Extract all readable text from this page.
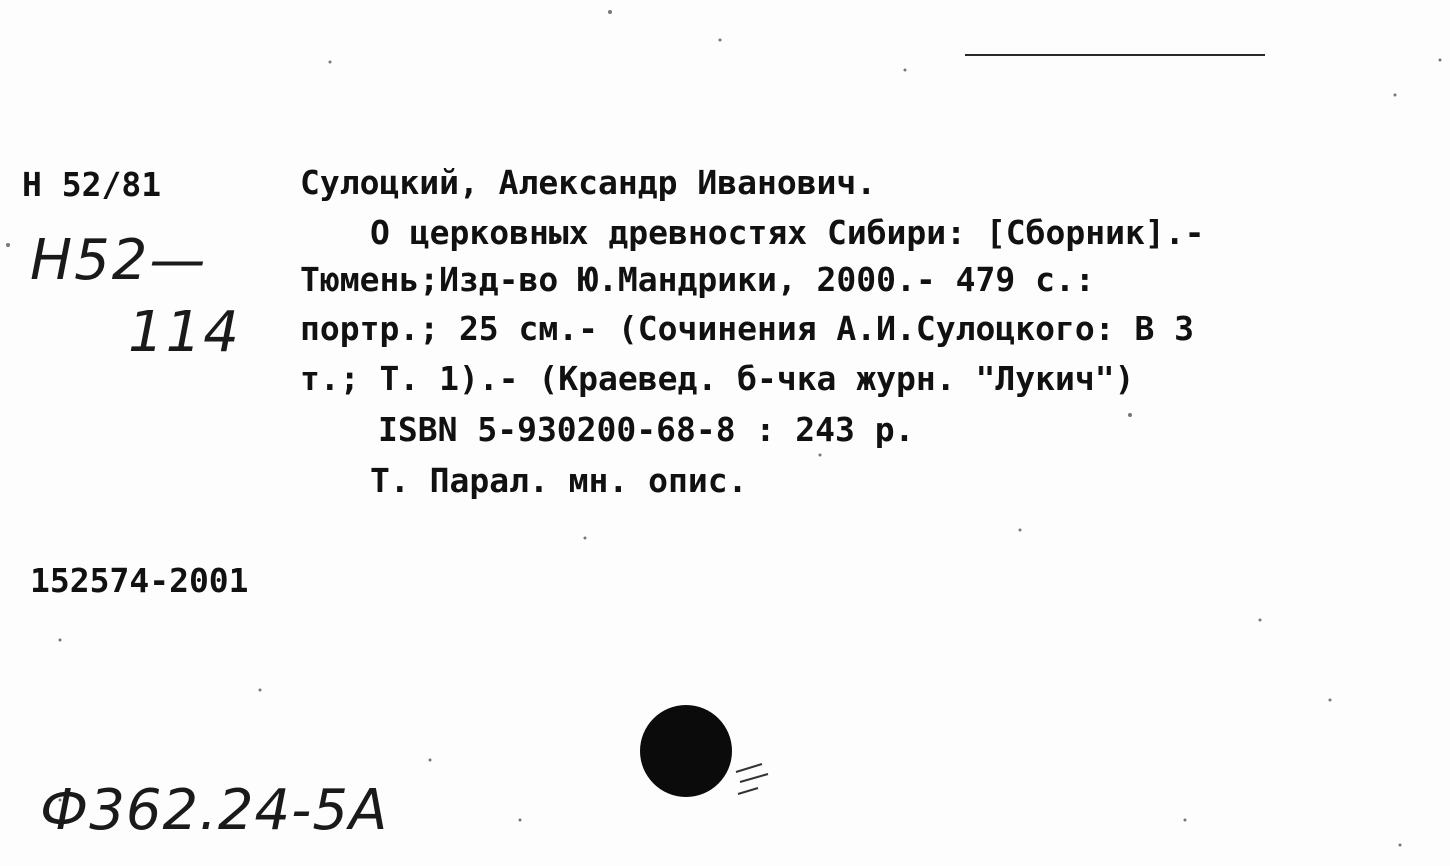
Н 52/81
Н52—
114
Сулоцкий, Александр Иванович.
О церковных древностях Сибири: [Сборник].-
Тюмень;Изд-во Ю.Мандрики, 2000.- 479 с.:
портр.; 25 см.- (Сочинения А.И.Сулоцкого: В 3
т.; Т. 1).- (Краевед. б-чка журн. "Лукич")
ISBN 5-930200-68-8 : 243 р.
Т. Парал. мн. опис.
152574-2001
Ф362.24-5А
